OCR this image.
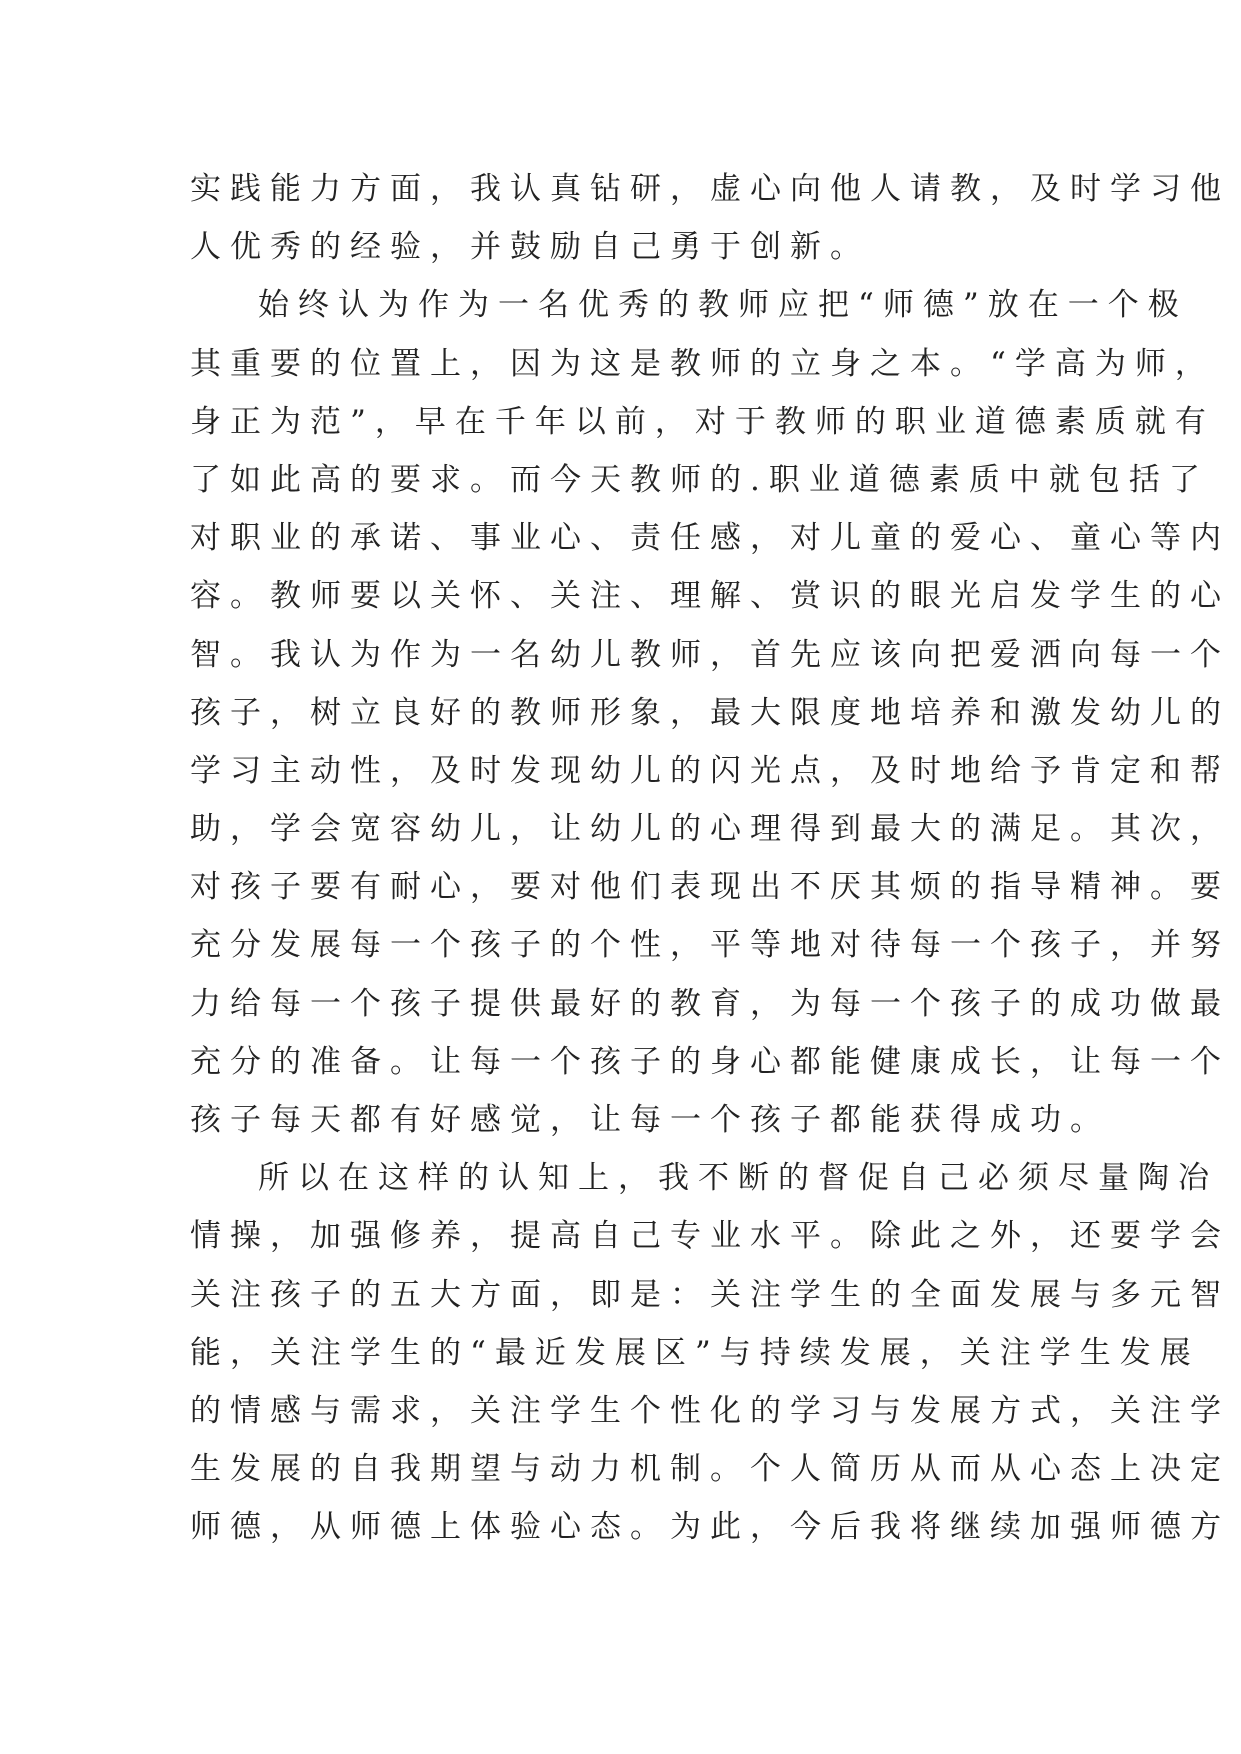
实践能力方面，我认真钻研，虚心向他人请教，及时学习他
人优秀的经验，并鼓励自己勇于创新。
始终认为作为一名优秀的教师应把“师德”放在一个极
其重要的位置上，因为这是教师的立身之本。“学高为师，
身正为范”，早在千年以前，对于教师的职业道德素质就有
了如此高的要求。而今天教师的.职业道德素质中就包括了
对职业的承诺、事业心、责任感，对儿童的爱心、童心等内
容。教师要以关怀、关注、理解、赏识的眼光启发学生的心
智。我认为作为一名幼儿教师，首先应该向把爱洒向每一个
孩子，树立良好的教师形象，最大限度地培养和激发幼儿的
学习主动性，及时发现幼儿的闪光点，及时地给予肯定和帮
助，学会宽容幼儿，让幼儿的心理得到最大的满足。其次，
对孩子要有耐心，要对他们表现出不厌其烦的指导精神。要
充分发展每一个孩子的个性，平等地对待每一个孩子，并努
力给每一个孩子提供最好的教育，为每一个孩子的成功做最
充分的准备。让每一个孩子的身心都能健康成长，让每一个
孩子每天都有好感觉，让每一个孩子都能获得成功。
所以在这样的认知上，我不断的督促自己必须尽量陶冶
情操，加强修养，提高自己专业水平。除此之外，还要学会
关注孩子的五大方面，即是：关注学生的全面发展与多元智
能，关注学生的“最近发展区”与持续发展，关注学生发展
的情感与需求，关注学生个性化的学习与发展方式，关注学
生发展的自我期望与动力机制。个人简历从而从心态上决定
师德，从师德上体验心态。为此，今后我将继续加强师德方
